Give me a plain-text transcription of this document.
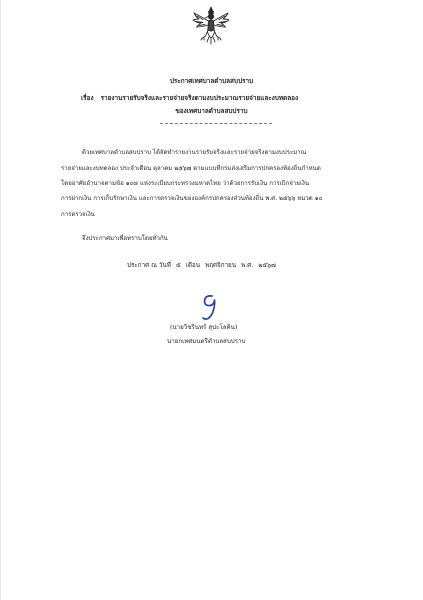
ประกาศเทศบาลตำบลสบปราบ
เรื่อง รายงานรายรับจริงและรายจ่ายจริงตามงบประมาณรายจ่ายและงบทดลอง
ของเทศบาลตำบลสบปราบ
ด้วยเทศบาลตำบลสบปราบ ได้จัดทำรายงานรายรับจริงและรายจ่ายจริงตามงบประมาณ
รายจ่ายและงบทดลอง ประจำเดือน ตุลาคม ๒๕๖๗ ตามแบบที่กรมส่งเสริมการปกครองท้องถิ่นกำหนด
โดยอาศัยอำนาจตามข้อ ๑๐๘ แห่งระเบียบกระทรวงมหาดไทย ว่าด้วยการรับเงิน การเบิกจ่ายเงิน
การฝากเงิน การเก็บรักษาเงิน และการตรวจเงินขององค์กรปกครองส่วนท้องถิ่น พ.ศ. ๒๕๖๖ หมวด ๑๐
การตรวจเงิน
จึงประกาศมาเพื่อทราบโดยทั่วกัน
ประกาศ ณ วันที่ ๕ เดือน พฤศจิกายน พ.ศ. ๒๕๖๗
(นายวิชรินทร์ สุปะโลคิน)
นายกเทศมนตรีตำบลสบปราบ
